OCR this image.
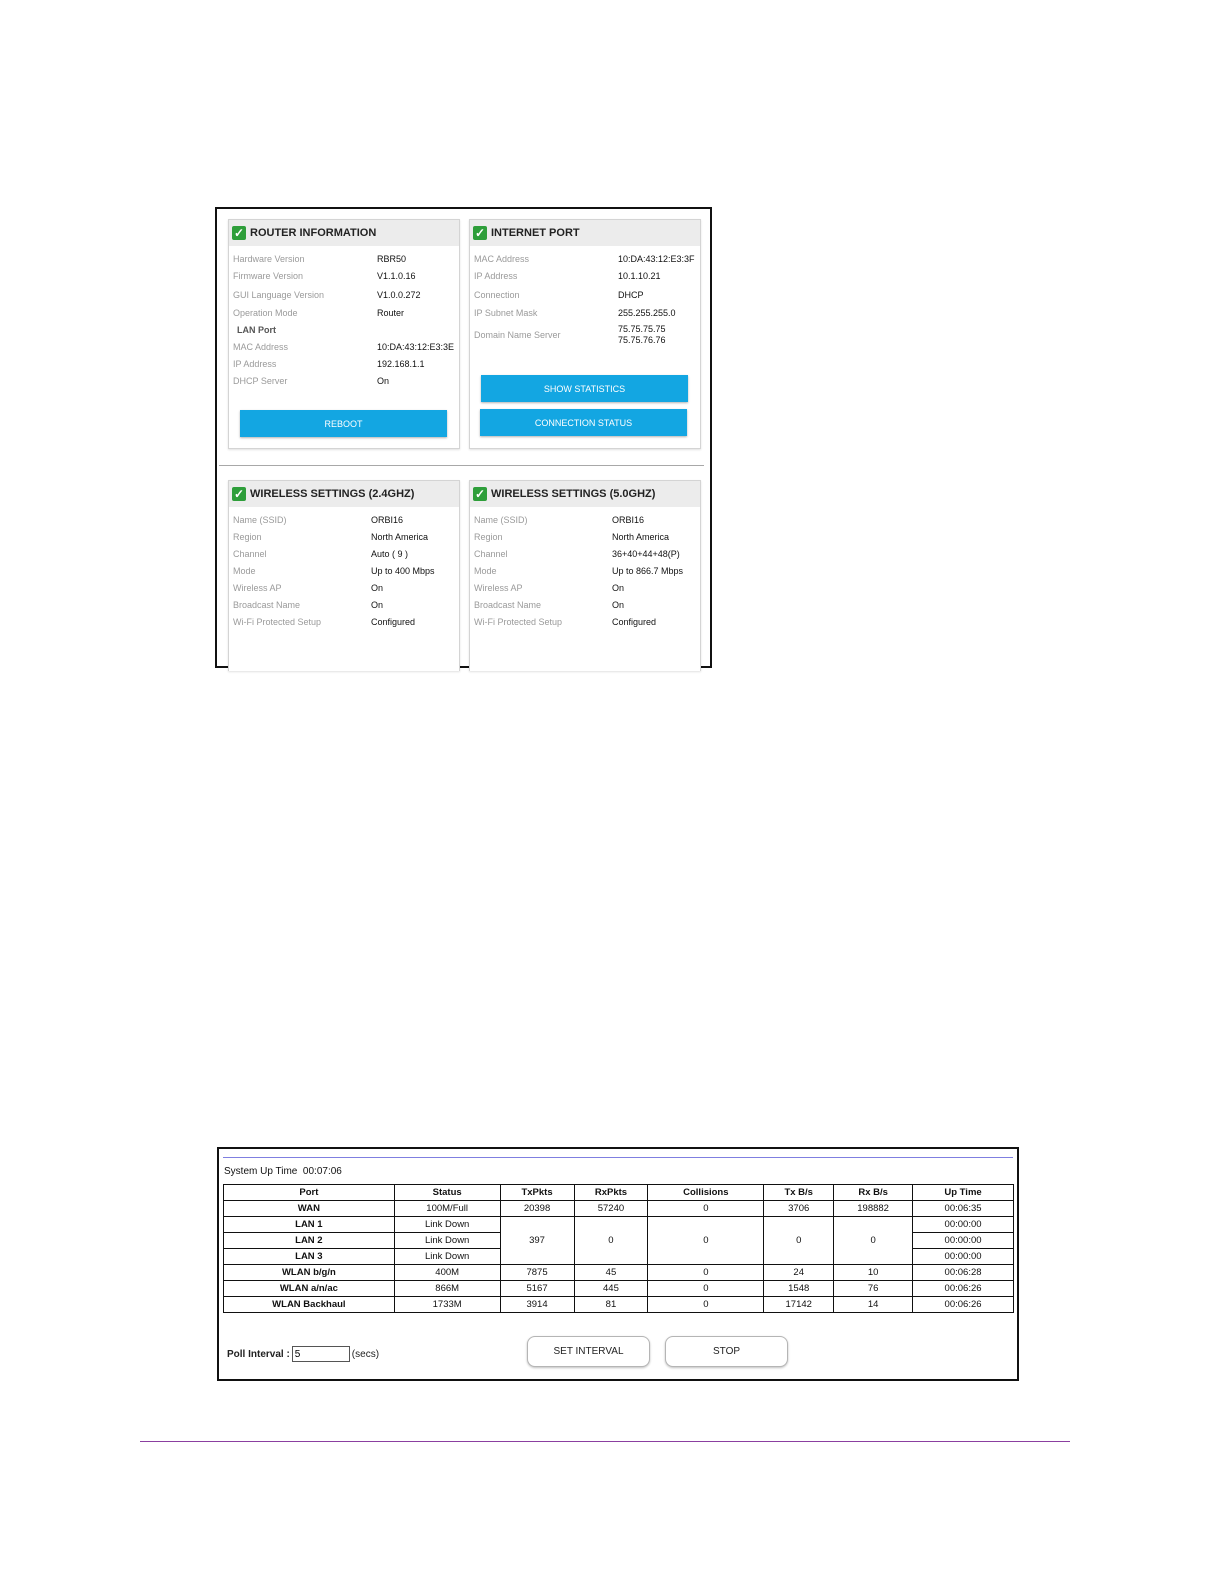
✓ ROUTER INFORMATION
Hardware Version	RBR50
Firmware Version	V1.1.0.16
GUI Language Version	V1.0.0.272
Operation Mode	Router
LAN Port
MAC Address	10:DA:43:12:E3:3E
IP Address	192.168.1.1
DHCP Server	On
REBOOT
✓ INTERNET PORT
MAC Address	10:DA:43:12:E3:3F
IP Address	10.1.10.21
Connection	DHCP
IP Subnet Mask	255.255.255.0
Domain Name Server
75.75.75.75
75.75.76.76
SHOW STATISTICS
CONNECTION STATUS
✓ WIRELESS SETTINGS (2.4GHZ)
Name (SSID)	ORBI16
Region	North America
Channel	Auto ( 9 )
Mode	Up to 400 Mbps
Wireless AP	On
Broadcast Name	On
Wi-Fi Protected Setup	Configured
✓ WIRELESS SETTINGS (5.0GHZ)
Name (SSID)	ORBI16
Region	North America
Channel	36+40+44+48(P)
Mode	Up to 866.7 Mbps
Wireless AP	On
Broadcast Name	On
Wi-Fi Protected Setup	Configured
System Up Time 00:07:06
Port	Status	TxPkts	RxPkts	Collisions	Tx B/s	Rx B/s	Up Time
WAN	100M/Full	20398	57240	0	3706	198882	00:06:35
LAN 1	Link Down	397	0	0	0	0	00:00:00
LAN 2	Link Down						00:00:00
LAN 3	Link Down						00:00:00
WLAN b/g/n	400M	7875	45	0	24	10	00:06:28
WLAN a/n/ac	866M	5167	445	0	1548	76	00:06:26
WLAN Backhaul	1733M	3914	81	0	17142	14	00:06:26
Poll Interval :
5	(secs)	SET INTERVAL	STOP
